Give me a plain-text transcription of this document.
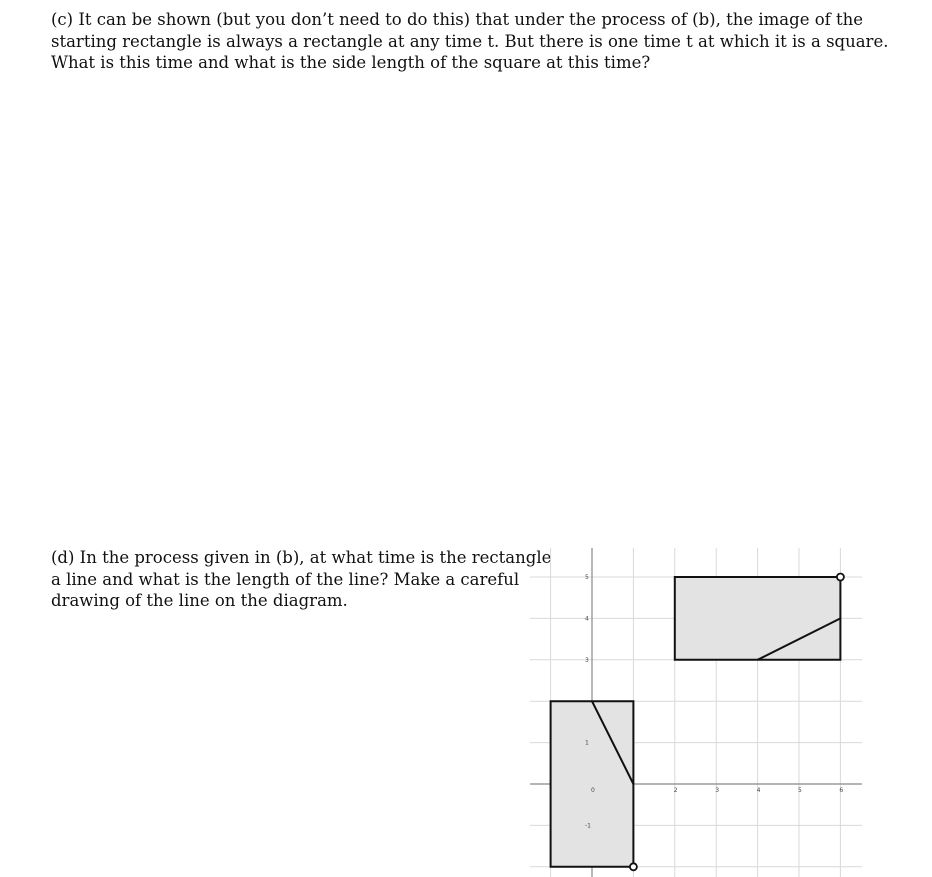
(c) It can be shown (but you don’t need to do this) that under the process of (b), the image of the
starting rectangle is always a rectangle at any time t. But there is one time t at which it is a square.
What is this time and what is the side length of the square at this time?
(d) In the process given in (b), at what time is the rectangle
a line and what is the length of the line? Make a careful
drawing of the line on the diagram.
0	2	3	4	5	6
5
4
3
1
-1
